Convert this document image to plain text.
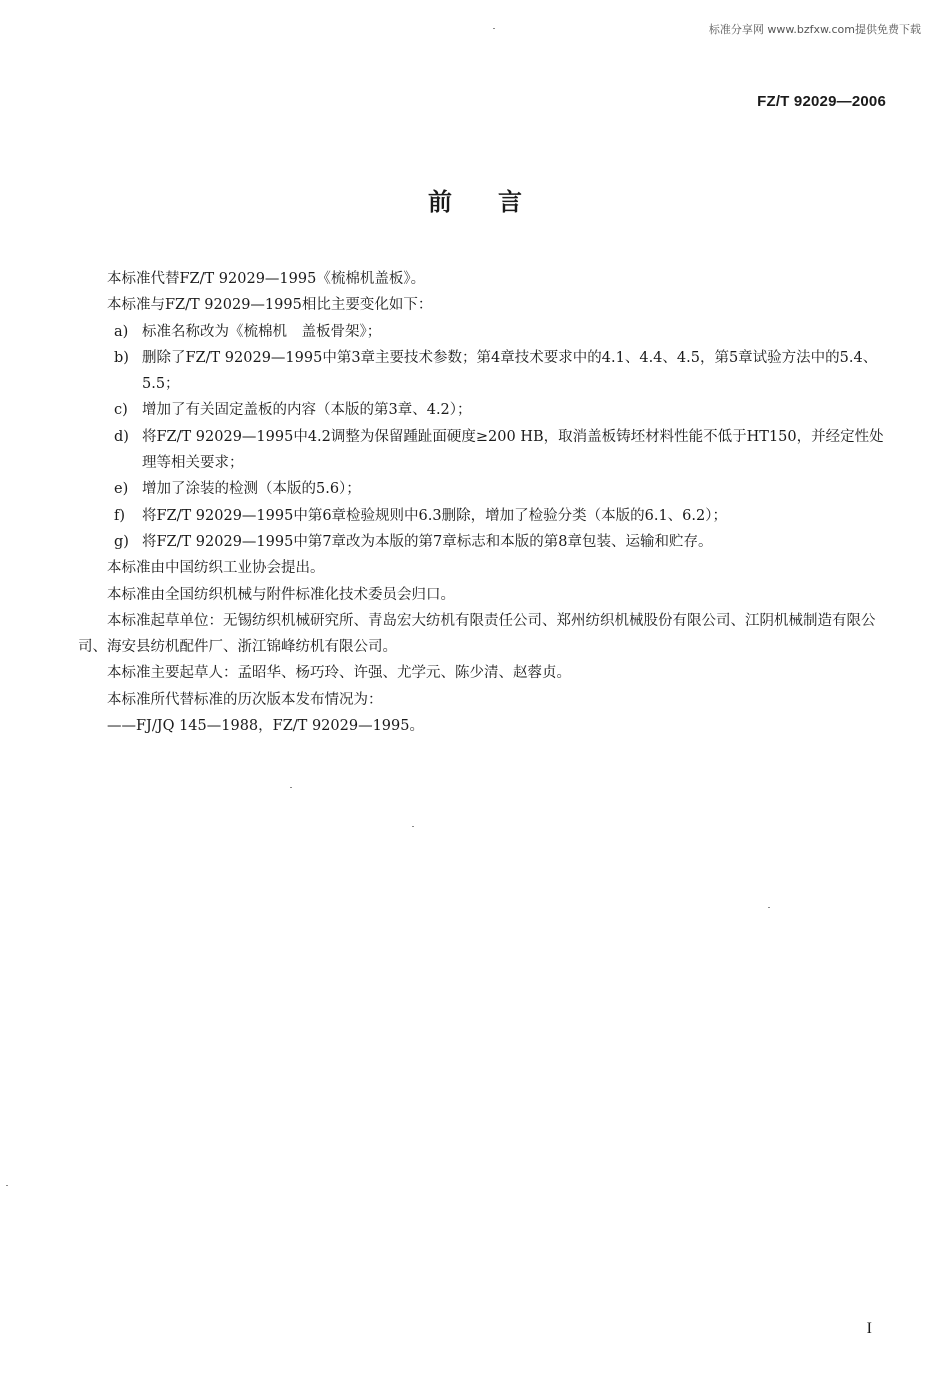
标准分享网 www.bzfxw.com提供免费下载
FZ/T 92029—2006
前言

本标准代替FZ/T 92029—1995《梳棉机盖板》。

本标准与FZ/T 92029—1995相比主要变化如下：

a) 标准名称改为《梳棉机　盖板骨架》；
b) 删除了FZ/T 92029—1995中第3章主要技术参数；第4章技术要求中的4.1、4.4、4.5，第5章试验方法中的5.4、5.5；
c) 增加了有关固定盖板的内容（本版的第3章、4.2）；
d) 将FZ/T 92029—1995中4.2调整为保留踵趾面硬度≥200 HB，取消盖板铸坯材料性能不低于HT150，并经定性处理等相关要求；
e) 增加了涂装的检测（本版的5.6）；
f) 将FZ/T 92029—1995中第6章检验规则中6.3删除，增加了检验分类（本版的6.1、6.2）；
g) 将FZ/T 92029—1995中第7章改为本版的第7章标志和本版的第8章包装、运输和贮存。

本标准由中国纺织工业协会提出。

本标准由全国纺织机械与附件标准化技术委员会归口。

本标准起草单位：无锡纺织机械研究所、青岛宏大纺机有限责任公司、郑州纺织机械股份有限公司、江阴机械制造有限公司、海安县纺机配件厂、浙江锦峰纺机有限公司。

本标准主要起草人：孟昭华、杨巧玲、许强、尤学元、陈少清、赵蓉贞。

本标准所代替标准的历次版本发布情况为：

——FJ/JQ 145—1988，FZ/T 92029—1995。

I
